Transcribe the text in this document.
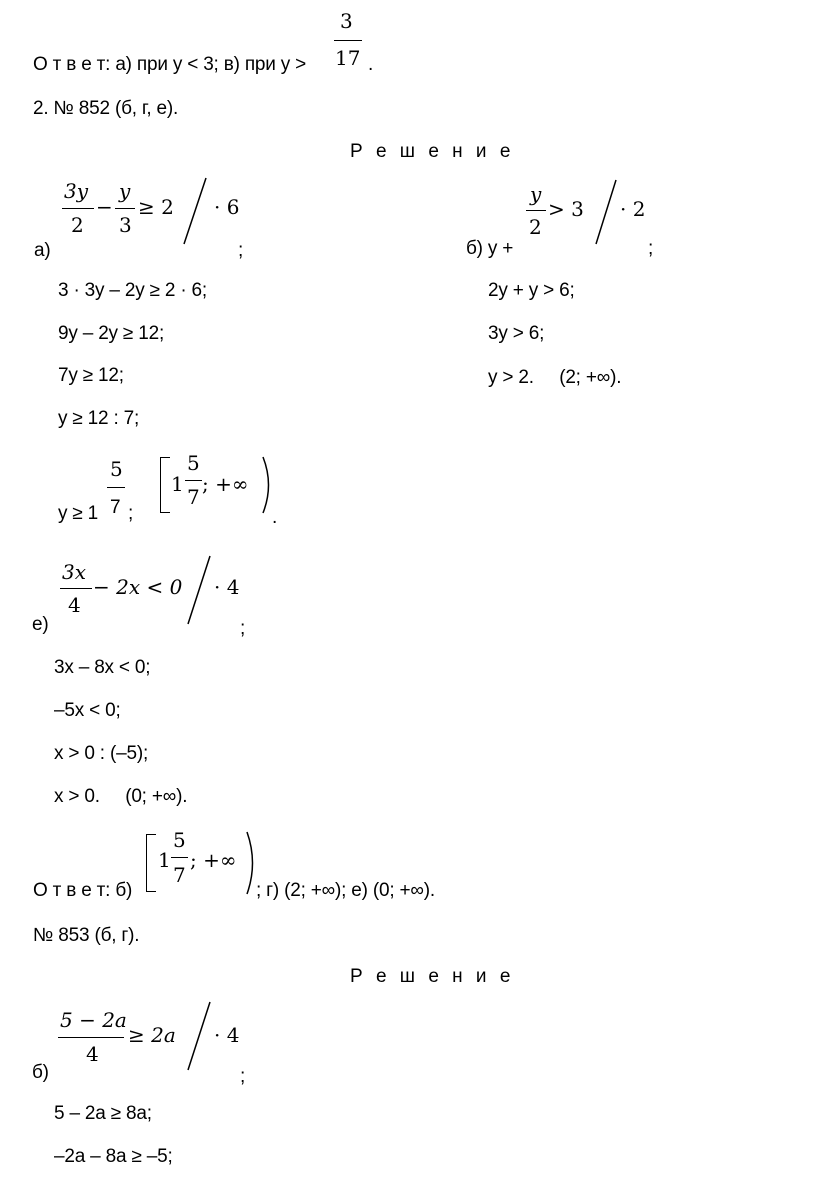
О т в е т: а) при y < 3; в) при y >
3
17 .
2. № 852 (б, г, е).
Р е ш е н и е
3y
2
−
y
3
≥ 2 · 6
а)	;
3 · 3y – 2y ≥ 2 · 6;
9y – 2y ≥ 12;
7y ≥ 12;
y ≥ 12 : 7;
y ≥ 1
5
7 ;
1
5
7
; +∞
.
y
2
> 3 · 2
б) y +	;
2y + y > 6;
3y > 6;
y > 2.     (2; +∞).
3x
4
− 2x < 0 · 4
е)	;
3x – 8x < 0;
–5x < 0;
x > 0 : (–5);
x > 0.     (0; +∞).
О т в е т: б)
1
5
7
; +∞
; г) (2; +∞); е) (0; +∞).
№ 853 (б, г).
Р е ш е н и е
5 − 2a
4
≥ 2a · 4
б)	;
5 – 2a ≥ 8a;
–2a – 8a ≥ –5;
